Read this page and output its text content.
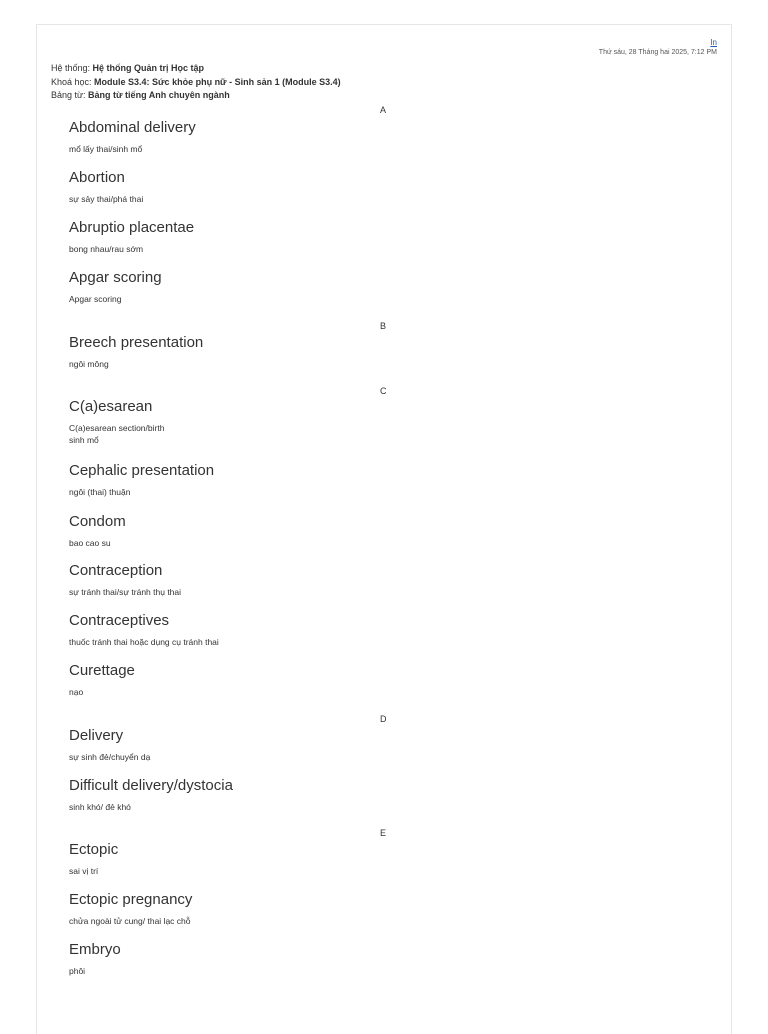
In
Thứ sáu, 28 Tháng hai 2025, 7:12 PM
Hệ thống: Hệ thống Quản trị Học tập
Khoá học: Module S3.4: Sức khỏe phụ nữ - Sinh sản 1 (Module S3.4)
Bảng từ: Bảng từ tiếng Anh chuyên ngành
A
Abdominal delivery
mổ lấy thai/sinh mổ
Abortion
sự sảy thai/phá thai
Abruptio placentae
bong nhau/rau sớm
Apgar scoring
Apgar scoring
B
Breech presentation
ngôi mông
C
C(a)esarean
C(a)esarean section/birth
sinh mổ
Cephalic presentation
ngôi (thai) thuận
Condom
bao cao su
Contraception
sự tránh thai/sự tránh thụ thai
Contraceptives
thuốc tránh thai hoặc dụng cụ tránh thai
Curettage
nạo
D
Delivery
sự sinh đẻ/chuyển dạ
Difficult delivery/dystocia
sinh khó/ đẻ khó
E
Ectopic
sai vị trí
Ectopic pregnancy
chửa ngoài tử cung/ thai lạc chỗ
Embryo
phôi
